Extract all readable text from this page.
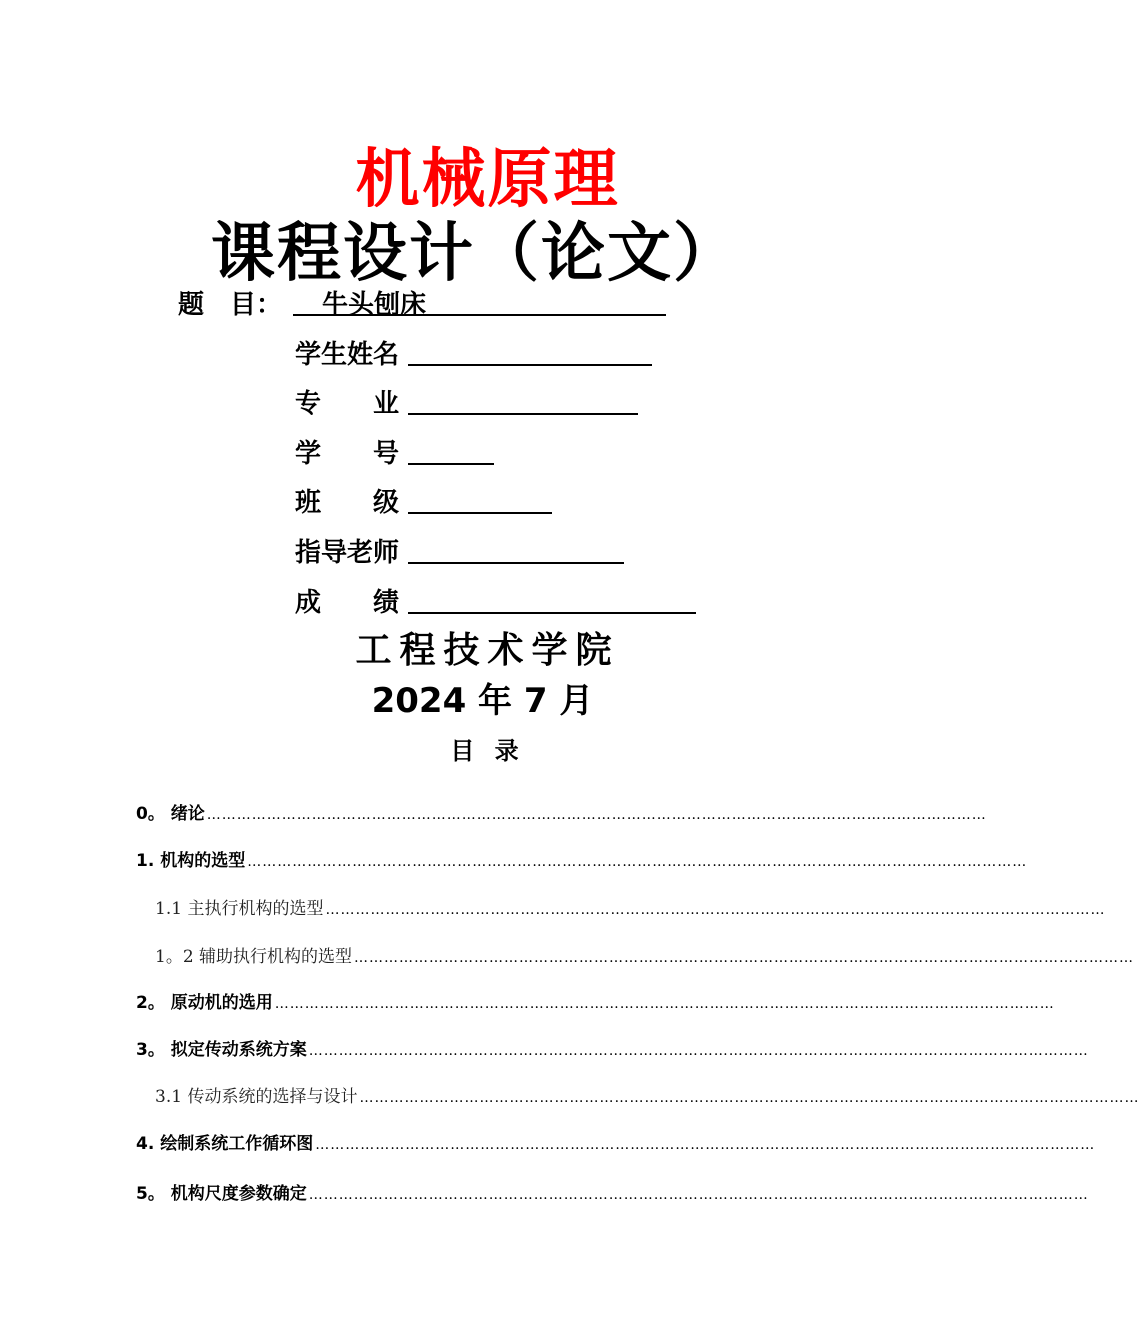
机械原理
课程设计（论文）
题　目： 牛头刨床
学生姓名
专　　业
学　　号
班　　级
指导老师
成　　绩
工程技术学院
2024 年 7 月
目 录
0。 绪论 …………………………………………………………………………………………………………………………………………
1. 机构的选型 …………………………………………………………………………………………………………………………………………
1.1 主执行机构的选型 …………………………………………………………………………………………………………………………………………
1。2 辅助执行机构的选型 …………………………………………………………………………………………………………………………………………
2。 原动机的选用 …………………………………………………………………………………………………………………………………………
3。 拟定传动系统方案 …………………………………………………………………………………………………………………………………………
3.1 传动系统的选择与设计 …………………………………………………………………………………………………………………………………………
4. 绘制系统工作循环图 …………………………………………………………………………………………………………………………………………
5。 机构尺度参数确定 …………………………………………………………………………………………………………………………………………
